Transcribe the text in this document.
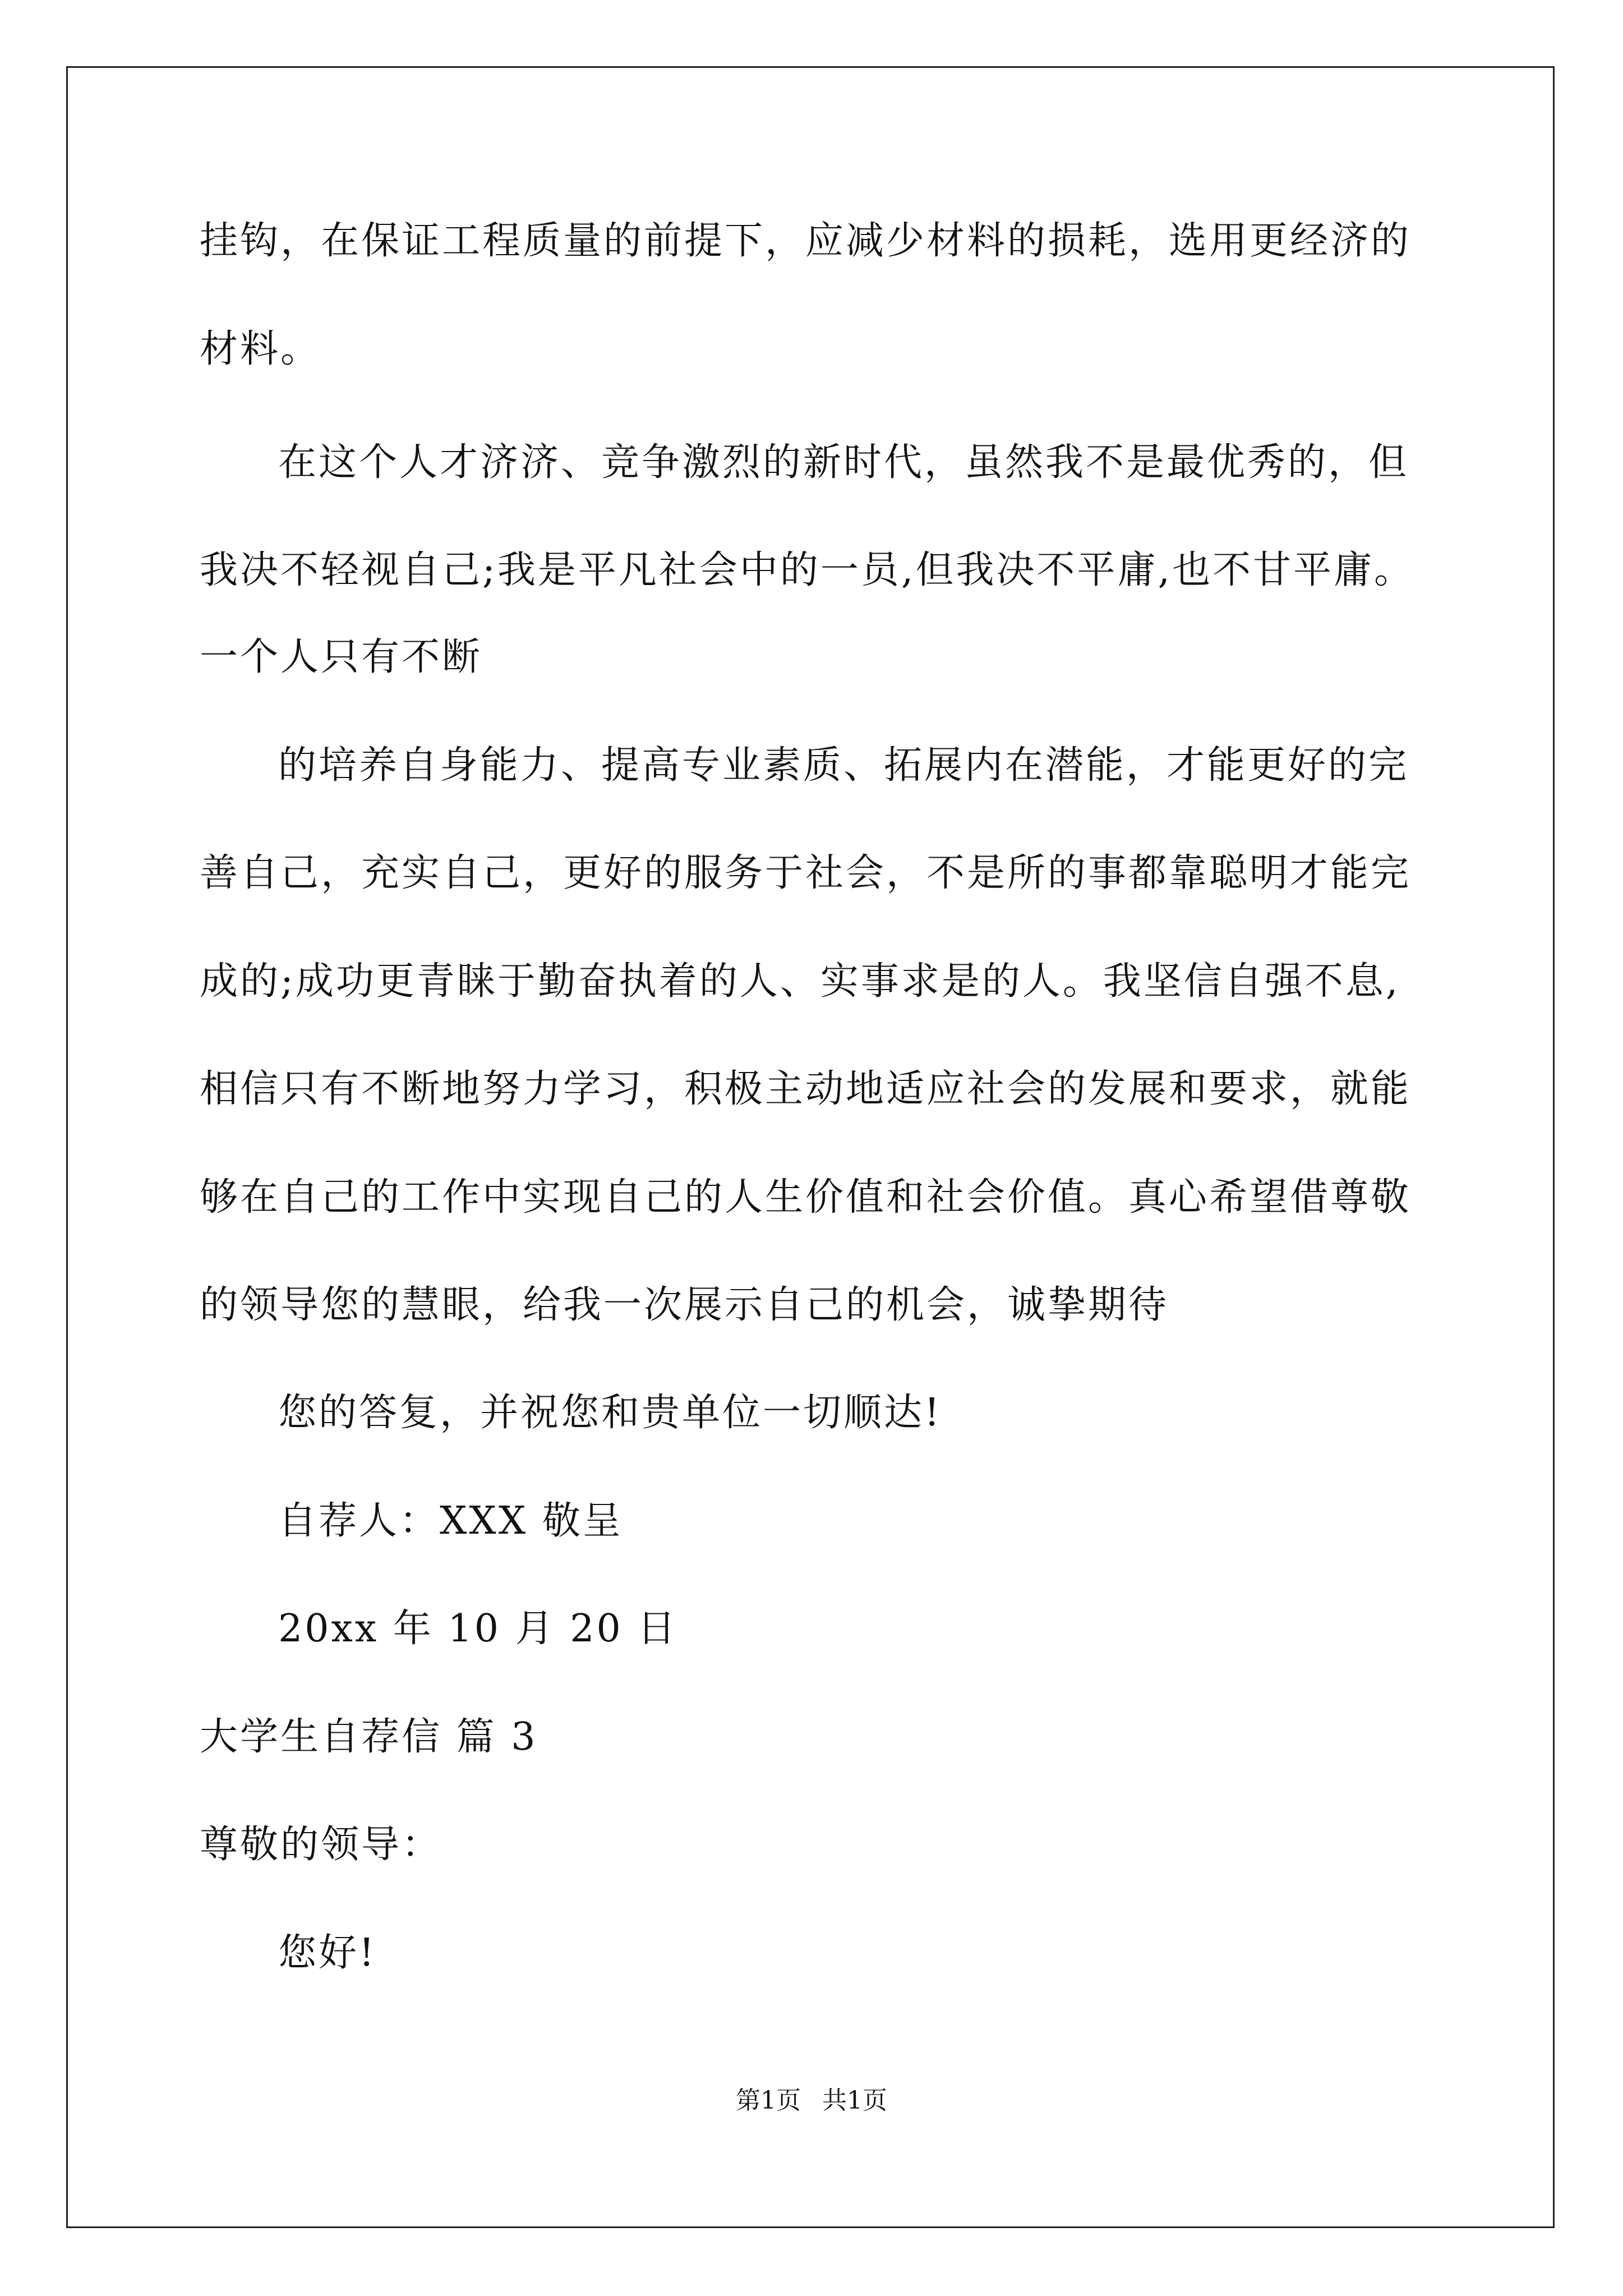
挂钩，在保证工程质量的前提下，应减少材料的损耗，选用更经济的
材料。
在这个人才济济、竞争激烈的新时代，虽然我不是最优秀的，但
我决不轻视自己;我是平凡社会中的一员,但我决不平庸,也不甘平庸。
一个人只有不断
的培养自身能力、提高专业素质、拓展内在潜能，才能更好的完
善自己，充实自己，更好的服务于社会，不是所的事都靠聪明才能完
成的;成功更青睐于勤奋执着的人、实事求是的人。我坚信自强不息,
相信只有不断地努力学习，积极主动地适应社会的发展和要求，就能
够在自己的工作中实现自己的人生价值和社会价值。真心希望借尊敬
的领导您的慧眼，给我一次展示自己的机会，诚挚期待
您的答复，并祝您和贵单位一切顺达!
自荐人：XXX 敬呈
20xx 年 10 月 20 日
大学生自荐信 篇 3
尊敬的领导：
您好!
第1页 共1页
